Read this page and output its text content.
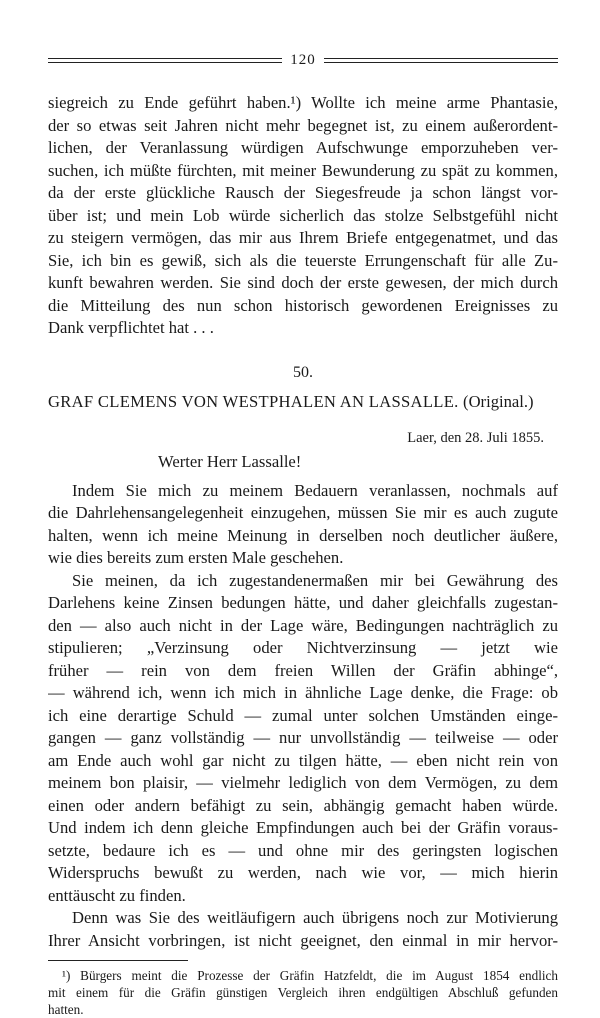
120
siegreich zu Ende geführt haben.¹) Wollte ich meine arme Phantasie,
der so etwas seit Jahren nicht mehr begegnet ist, zu einem außerordent-
lichen, der Veranlassung würdigen Aufschwunge emporzuheben ver-
suchen, ich müßte fürchten, mit meiner Bewunderung zu spät zu kommen,
da der erste glückliche Rausch der Siegesfreude ja schon längst vor-
über ist; und mein Lob würde sicherlich das stolze Selbstgefühl nicht
zu steigern vermögen, das mir aus Ihrem Briefe entgegenatmet, und das
Sie, ich bin es gewiß, sich als die teuerste Errungenschaft für alle Zu-
kunft bewahren werden. Sie sind doch der erste gewesen, der mich durch
die Mitteilung des nun schon historisch gewordenen Ereignisses zu
Dank verpflichtet hat . . .
50.
GRAF CLEMENS VON WESTPHALEN AN LASSALLE. (Original.)
Laer, den 28. Juli 1855.
Werter Herr Lassalle!
Indem Sie mich zu meinem Bedauern veranlassen, nochmals auf
die Dahrlehensangelegenheit einzugehen, müssen Sie mir es auch zugute
halten, wenn ich meine Meinung in derselben noch deutlicher äußere,
wie dies bereits zum ersten Male geschehen.
Sie meinen, da ich zugestandenermaßen mir bei Gewährung des
Darlehens keine Zinsen bedungen hätte, und daher gleichfalls zugestan-
den — also auch nicht in der Lage wäre, Bedingungen nachträglich zu
stipulieren; „Verzinsung oder Nichtverzinsung — jetzt wie
früher — rein von dem freien Willen der Gräfin abhinge“,
— während ich, wenn ich mich in ähnliche Lage denke, die Frage: ob
ich eine derartige Schuld — zumal unter solchen Umständen einge-
gangen — ganz vollständig — nur unvollständig — teilweise — oder
am Ende auch wohl gar nicht zu tilgen hätte, — eben nicht rein von
meinem bon plaisir, — vielmehr lediglich von dem Vermögen, zu dem
einen oder andern befähigt zu sein, abhängig gemacht haben würde.
Und indem ich denn gleiche Empfindungen auch bei der Gräfin voraus-
setzte, bedaure ich es — und ohne mir des geringsten logischen
Widerspruchs bewußt zu werden, nach wie vor, — mich hierin
enttäuscht zu finden.
Denn was Sie des weitläufigern auch übrigens noch zur Motivierung
Ihrer Ansicht vorbringen, ist nicht geeignet, den einmal in mir hervor-
¹) Bürgers meint die Prozesse der Gräfin Hatzfeldt, die im August 1854 endlich
mit einem für die Gräfin günstigen Vergleich ihren endgültigen Abschluß gefunden
hatten.
